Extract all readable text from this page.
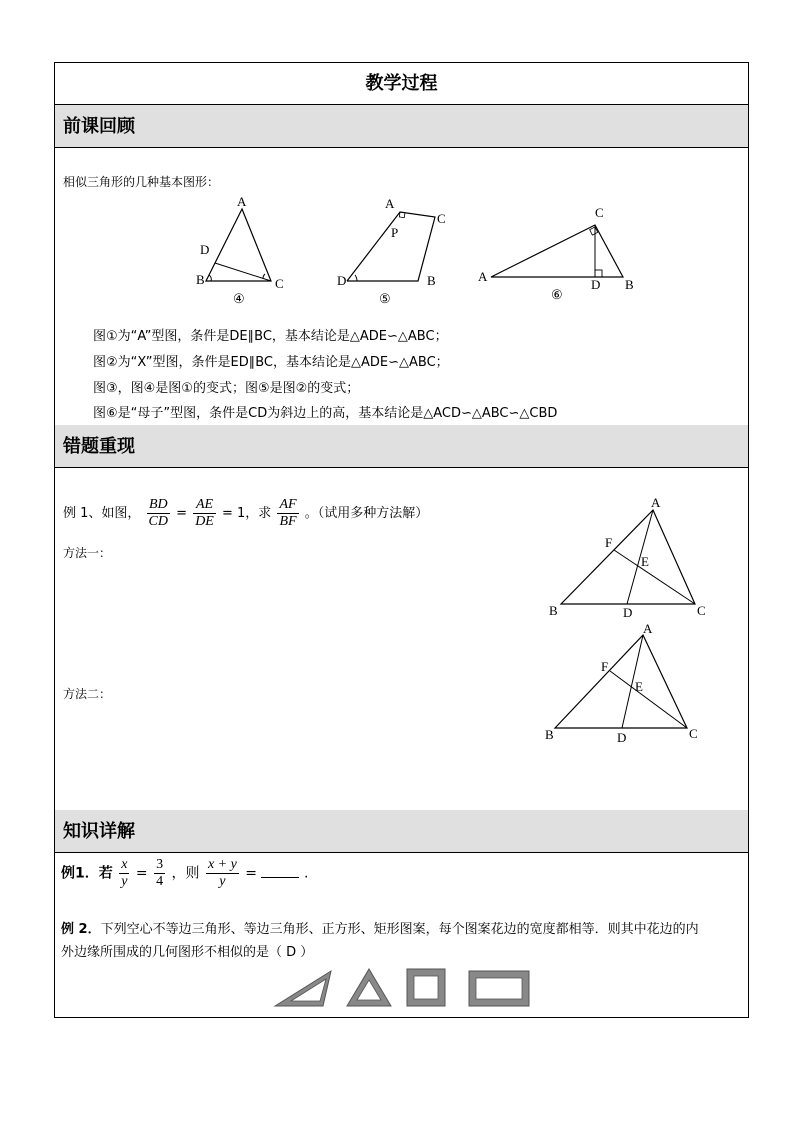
教学过程
前课回顾
相似三角形的几种基本图形：
A
D
B	C
④
A
C
P
D	B
⑤
C
A
D B
⑥
图①为“A”型图，条件是DE∥BC，基本结论是△ADE∽△ABC；
图②为“X”型图，条件是ED∥BC，基本结论是△ADE∽△ABC；
图③，图④是图①的变式；图⑤是图②的变式；
图⑥是“母子”型图，条件是CD为斜边上的高，基本结论是△ACD∽△ABC∽△CBD
错题重现
例 1、如图， $\frac{BD}{CD} = \frac{AE}{DE} = 1$，求 $\frac{AF}{BF}$ 。（试用多种方法解）
方法一：
方法二：
A
F
E
B	D	C
A
F
E
B	D	C
知识详解
例1．若 $\frac{x}{y} = \frac{3}{4}$ ，则 $\frac{x + y}{y}$ =	.
例 2．下列空心不等边三角形、等边三角形、正方形、矩形图案，每个图案花边的宽度都相等．则其中花边的内
外边缘所围成的几何图形不相似的是（ D ）
